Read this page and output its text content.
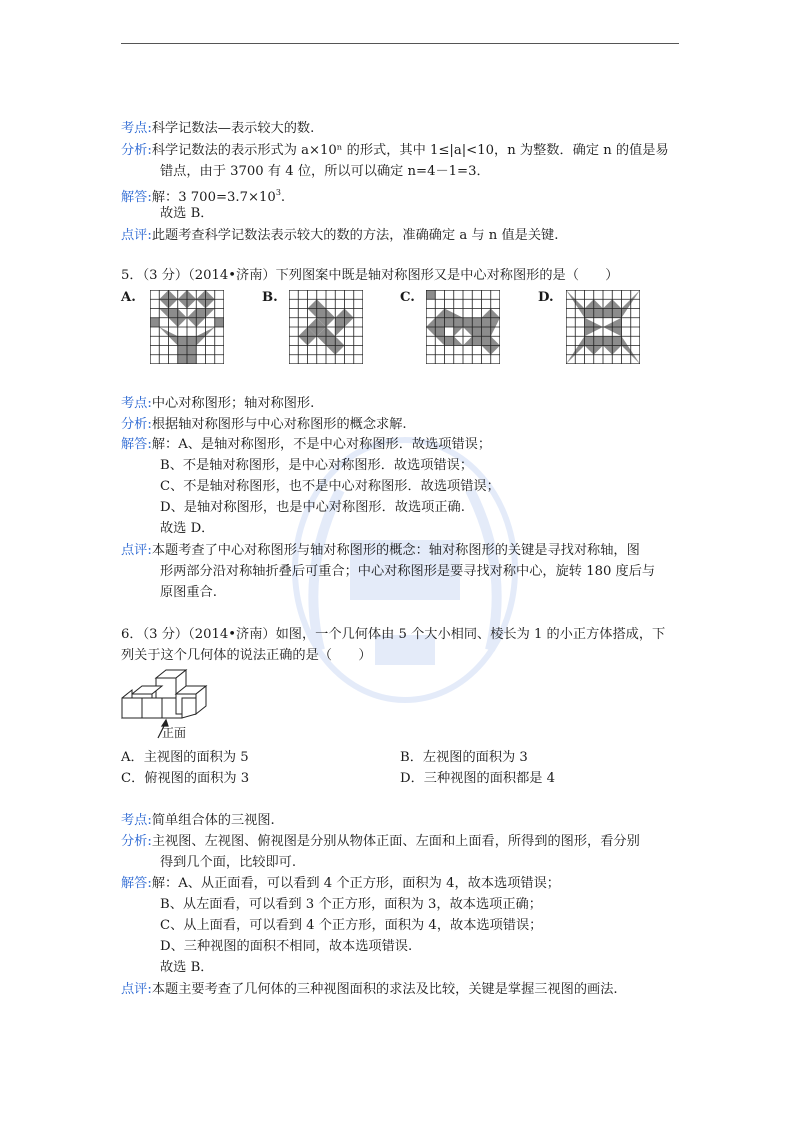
考点:科学记数法—表示较大的数.
分析:科学记数法的表示形式为 a×10ⁿ 的形式，其中 1≤|a|<10，n 为整数．确定 n 的值是易
错点，由于 3700 有 4 位，所以可以确定 n=4－1=3．
解答:解：3 $700=3.7\times 10^3$.
故选 B．
点评:此题考查科学记数法表示较大的数的方法，准确确定 a 与 n 值是关键.
5．（3 分）（2014•济南）下列图案中既是轴对称图形又是中心对称图形的是（　　）
A.	B.	C.	D.
考点:中心对称图形；轴对称图形.
分析:根据轴对称图形与中心对称图形的概念求解.
解答:解：A、是轴对称图形，不是中心对称图形．故选项错误；
B、不是轴对称图形，是中心对称图形．故选项错误；
C、不是轴对称图形，也不是中心对称图形．故选项错误；
D、是轴对称图形，也是中心对称图形．故选项正确.
故选 D．
点评:本题考查了中心对称图形与轴对称图形的概念：轴对称图形的关键是寻找对称轴，图
形两部分沿对称轴折叠后可重合；中心对称图形是要寻找对称中心，旋转 180 度后与
原图重合.
6．（3 分）（2014•济南）如图，一个几何体由 5 个大小相同、棱长为 1 的小正方体搭成，下
列关于这个几何体的说法正确的是（　　）
正面
A．主视图的面积为 5	B．左视图的面积为 3
C．俯视图的面积为 3	D．三种视图的面积都是 4
考点:简单组合体的三视图.
分析:主视图、左视图、俯视图是分别从物体正面、左面和上面看，所得到的图形，看分别
得到几个面，比较即可.
解答:解：A、从正面看，可以看到 4 个正方形，面积为 4，故本选项错误；
B、从左面看，可以看到 3 个正方形，面积为 3，故本选项正确；
C、从上面看，可以看到 4 个正方形，面积为 4，故本选项错误；
D、三种视图的面积不相同，故本选项错误.
故选 B．
点评:本题主要考查了几何体的三种视图面积的求法及比较，关键是掌握三视图的画法.
